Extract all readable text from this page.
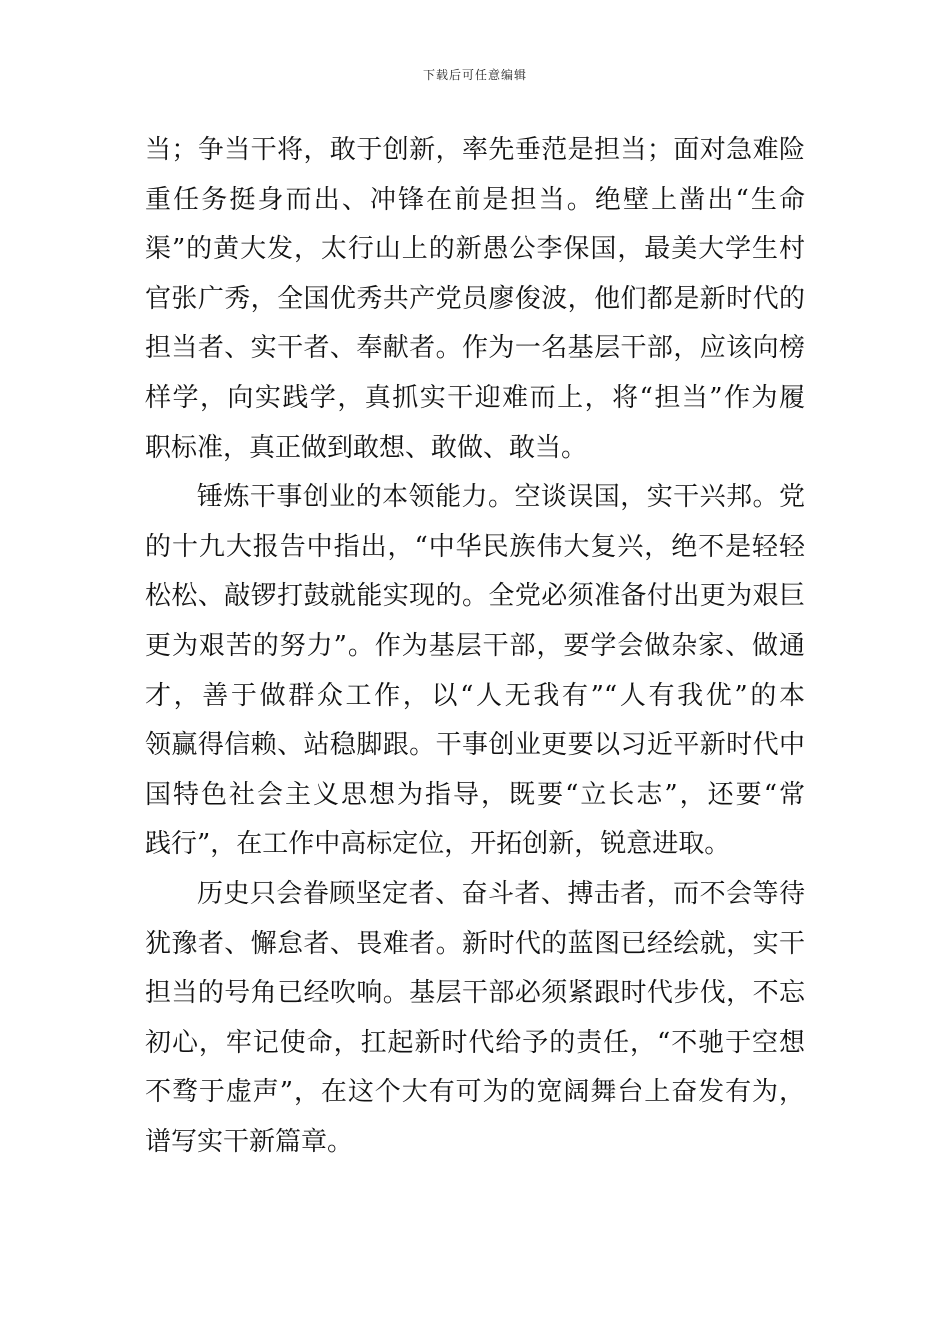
下载后可任意编辑
当；争当干将，敢于创新，率先垂范是担当；面对急难险
重任务挺身而出、冲锋在前是担当。绝壁上凿出“生命
渠”的黄大发，太行山上的新愚公李保国，最美大学生村
官张广秀，全国优秀共产党员廖俊波，他们都是新时代的
担当者、实干者、奉献者。作为一名基层干部，应该向榜
样学，向实践学，真抓实干迎难而上，将“担当”作为履
职标准，真正做到敢想、敢做、敢当。
锤炼干事创业的本领能力。空谈误国，实干兴邦。党
的十九大报告中指出，“中华民族伟大复兴，绝不是轻轻
松松、敲锣打鼓就能实现的。全党必须准备付出更为艰巨
更为艰苦的努力”。作为基层干部，要学会做杂家、做通
才，善于做群众工作，以“人无我有”“人有我优”的本
领赢得信赖、站稳脚跟。干事创业更要以习近平新时代中
国特色社会主义思想为指导，既要“立长志”，还要“常
践行”，在工作中高标定位，开拓创新，锐意进取。
历史只会眷顾坚定者、奋斗者、搏击者，而不会等待
犹豫者、懈怠者、畏难者。新时代的蓝图已经绘就，实干
担当的号角已经吹响。基层干部必须紧跟时代步伐，不忘
初心，牢记使命，扛起新时代给予的责任，“不驰于空想
不骛于虚声”，在这个大有可为的宽阔舞台上奋发有为，
谱写实干新篇章。
